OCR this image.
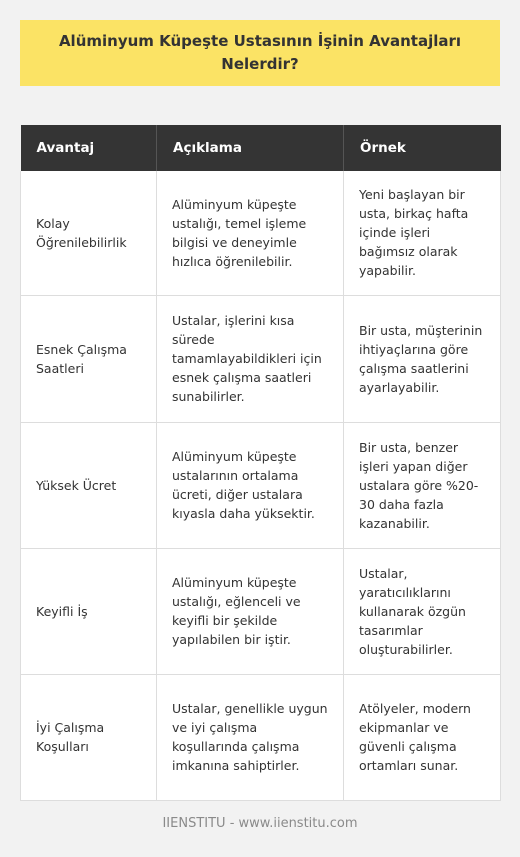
Alüminyum Küpeşte Ustasının İşinin Avantajları Nelerdir?
Avantaj	Açıklama	Örnek
Kolay Öğrenilebilirlik	Alüminyum küpeşte ustalığı, temel işleme bilgisi ve deneyimle hızlıca öğrenilebilir.	Yeni başlayan bir usta, birkaç hafta içinde işleri bağımsız olarak yapabilir.
Esnek Çalışma Saatleri	Ustalar, işlerini kısa sürede tamamlayabildikleri için esnek çalışma saatleri sunabilirler.	Bir usta, müşterinin ihtiyaçlarına göre çalışma saatlerini ayarlayabilir.
Yüksek Ücret	Alüminyum küpeşte ustalarının ortalama ücreti, diğer ustalara kıyasla daha yüksektir.	Bir usta, benzer işleri yapan diğer ustalara göre %20-30 daha fazla kazanabilir.
Keyifli İş	Alüminyum küpeşte ustalığı, eğlenceli ve keyifli bir şekilde yapılabilen bir iştir.	Ustalar, yaratıcılıklarını kullanarak özgün tasarımlar oluşturabilirler.
İyi Çalışma Koşulları	Ustalar, genellikle uygun ve iyi çalışma koşullarında çalışma imkanına sahiptirler.	Atölyeler, modern ekipmanlar ve güvenli çalışma ortamları sunar.
IIENSTITU - www.iienstitu.com
